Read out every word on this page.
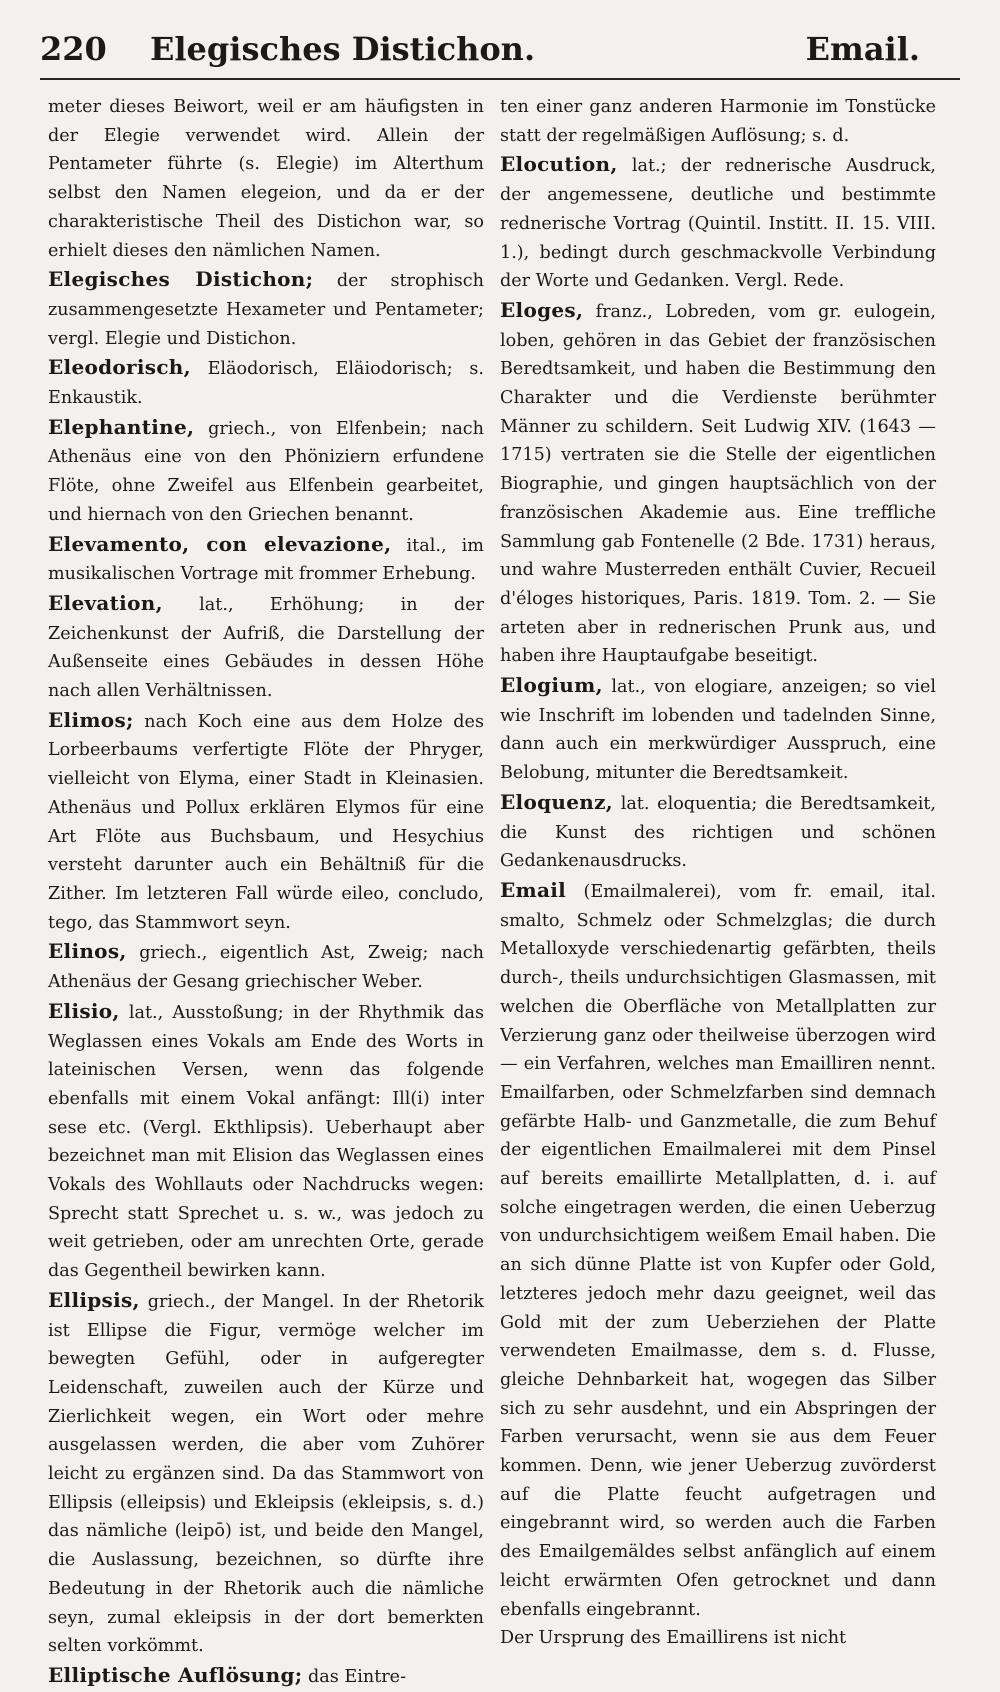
220 Elegisches Distichon.	Email.

meter dieses Beiwort, weil er am häufigsten in der Elegie verwendet wird. Allein der Pentameter führte (s. Elegie) im Alterthum selbst den Namen elegeion, und da er der charakteristische Theil des Distichon war, so erhielt dieses den nämlichen Namen.

Elegisches Distichon; der strophisch zusammengesetzte Hexameter und Pentameter; vergl. Elegie und Distichon.

Eleodorisch, Eläodorisch, Eläiodorisch; s. Enkaustik.

Elephantine, griech., von Elfenbein; nach Athenäus eine von den Phöniziern erfundene Flöte, ohne Zweifel aus Elfenbein gearbeitet, und hiernach von den Griechen benannt.

Elevamento, con elevazione, ital., im musikalischen Vortrage mit frommer Erhebung.

Elevation, lat., Erhöhung; in der Zeichenkunst der Aufriß, die Darstellung der Außenseite eines Gebäudes in dessen Höhe nach allen Verhältnissen.

Elimos; nach Koch eine aus dem Holze des Lorbeerbaums verfertigte Flöte der Phryger, vielleicht von Elyma, einer Stadt in Kleinasien. Athenäus und Pollux erklären Elymos für eine Art Flöte aus Buchsbaum, und Hesychius versteht darunter auch ein Behältniß für die Zither. Im letzteren Fall würde eileo, concludo, tego, das Stammwort seyn.

Elinos, griech., eigentlich Ast, Zweig; nach Athenäus der Gesang griechischer Weber.

Elisio, lat., Ausstoßung; in der Rhythmik das Weglassen eines Vokals am Ende des Worts in lateinischen Versen, wenn das folgende ebenfalls mit einem Vokal anfängt: Ill(i) inter sese etc. (Vergl. Ekthlipsis). Ueberhaupt aber bezeichnet man mit Elision das Weglassen eines Vokals des Wohllauts oder Nachdrucks wegen: Sprecht statt Sprechet u. s. w., was jedoch zu weit getrieben, oder am unrechten Orte, gerade das Gegentheil bewirken kann.

Ellipsis, griech., der Mangel. In der Rhetorik ist Ellipse die Figur, vermöge welcher im bewegten Gefühl, oder in aufgeregter Leidenschaft, zuweilen auch der Kürze und Zierlichkeit wegen, ein Wort oder mehre ausgelassen werden, die aber vom Zuhörer leicht zu ergänzen sind. Da das Stammwort von Ellipsis (elleipsis) und Ekleipsis (ekleipsis, s. d.) das nämliche (leipō) ist, und beide den Mangel, die Auslassung, bezeichnen, so dürfte ihre Bedeutung in der Rhetorik auch die nämliche seyn, zumal ekleipsis in der dort bemerkten selten vorkömmt.

Elliptische Auflösung; das Eintre-

ten einer ganz anderen Harmonie im Tonstücke statt der regelmäßigen Auflösung; s. d.

Elocution, lat.; der rednerische Ausdruck, der angemessene, deutliche und bestimmte rednerische Vortrag (Quintil. Institt. II. 15. VIII. 1.), bedingt durch geschmackvolle Verbindung der Worte und Gedanken. Vergl. Rede.

Eloges, franz., Lobreden, vom gr. eulogein, loben, gehören in das Gebiet der französischen Beredtsamkeit, und haben die Bestimmung den Charakter und die Verdienste berühmter Männer zu schildern. Seit Ludwig XIV. (1643 — 1715) vertraten sie die Stelle der eigentlichen Biographie, und gingen hauptsächlich von der französischen Akademie aus. Eine treffliche Sammlung gab Fontenelle (2 Bde. 1731) heraus, und wahre Musterreden enthält Cuvier, Recueil d'éloges historiques, Paris. 1819. Tom. 2. — Sie arteten aber in rednerischen Prunk aus, und haben ihre Hauptaufgabe beseitigt.

Elogium, lat., von elogiare, anzeigen; so viel wie Inschrift im lobenden und tadelnden Sinne, dann auch ein merkwürdiger Ausspruch, eine Belobung, mitunter die Beredtsamkeit.

Eloquenz, lat. eloquentia; die Beredtsamkeit, die Kunst des richtigen und schönen Gedankenausdrucks.

Email (Emailmalerei), vom fr. email, ital. smalto, Schmelz oder Schmelzglas; die durch Metalloxyde verschiedenartig gefärbten, theils durch-, theils undurchsichtigen Glasmassen, mit welchen die Oberfläche von Metallplatten zur Verzierung ganz oder theilweise überzogen wird — ein Verfahren, welches man Emailliren nennt. Emailfarben, oder Schmelzfarben sind demnach gefärbte Halb- und Ganzmetalle, die zum Behuf der eigentlichen Emailmalerei mit dem Pinsel auf bereits emaillirte Metallplatten, d. i. auf solche eingetragen werden, die einen Ueberzug von undurchsichtigem weißem Email haben. Die an sich dünne Platte ist von Kupfer oder Gold, letzteres jedoch mehr dazu geeignet, weil das Gold mit der zum Ueberziehen der Platte verwendeten Emailmasse, dem s. d. Flusse, gleiche Dehnbarkeit hat, wogegen das Silber sich zu sehr ausdehnt, und ein Abspringen der Farben verursacht, wenn sie aus dem Feuer kommen. Denn, wie jener Ueberzug zuvörderst auf die Platte feucht aufgetragen und eingebrannt wird, so werden auch die Farben des Emailgemäldes selbst anfänglich auf einem leicht erwärmten Ofen getrocknet und dann ebenfalls eingebrannt.

Der Ursprung des Emaillirens ist nicht
